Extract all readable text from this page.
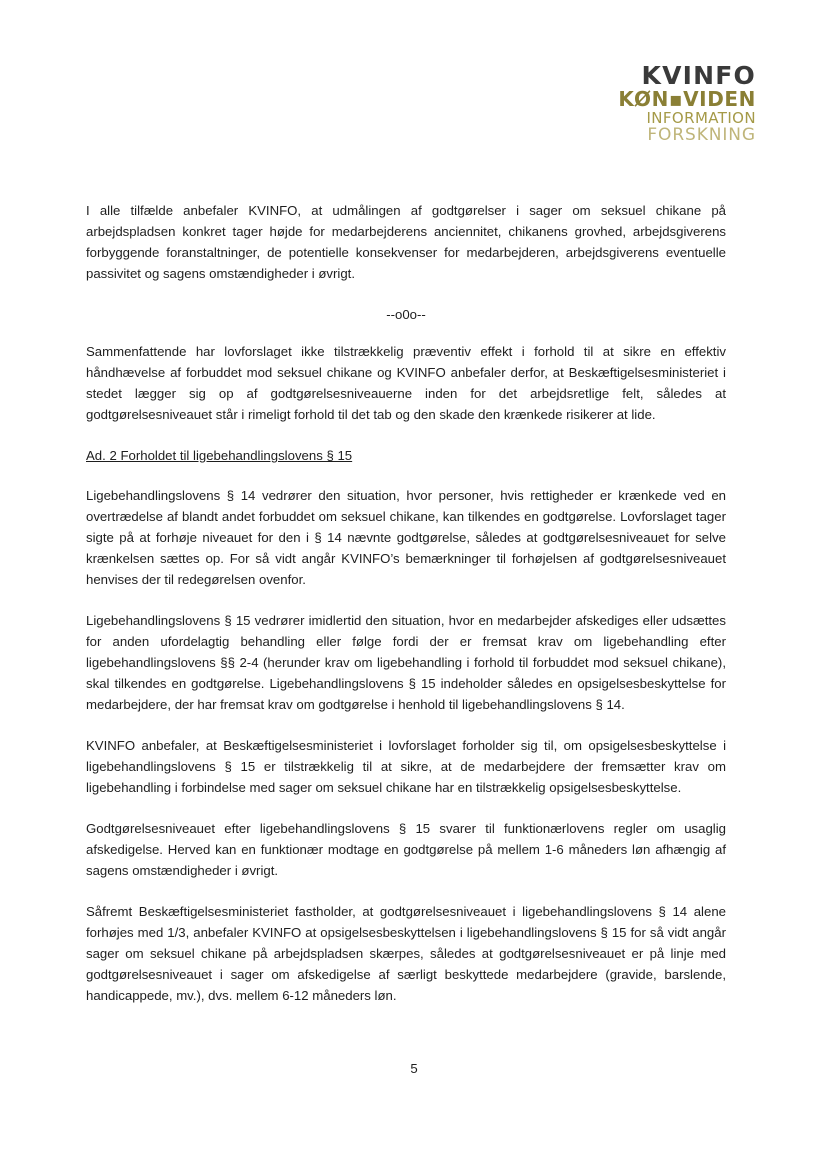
KVINFO
KØN▪VIDEN
INFORMATION
FORSKNING

I alle tilfælde anbefaler KVINFO, at udmålingen af godtgørelser i sager om seksuel chikane på arbejdspladsen konkret tager højde for medarbejderens anciennitet, chikanens grovhed, arbejdsgiverens forbyggende foranstaltninger, de potentielle konsekvenser for medarbejderen, arbejdsgiverens eventuelle passivitet og sagens omstændigheder i øvrigt.

--o0o--

Sammenfattende har lovforslaget ikke tilstrækkelig præventiv effekt i forhold til at sikre en effektiv håndhævelse af forbuddet mod seksuel chikane og KVINFO anbefaler derfor, at Beskæftigelsesministeriet i stedet lægger sig op af godtgørelsesniveauerne inden for det arbejdsretlige felt, således at godtgørelsesniveauet står i rimeligt forhold til det tab og den skade den krænkede risikerer at lide.

Ad. 2 Forholdet til ligebehandlingslovens § 15

Ligebehandlingslovens § 14 vedrører den situation, hvor personer, hvis rettigheder er krænkede ved en overtrædelse af blandt andet forbuddet om seksuel chikane, kan tilkendes en godtgørelse. Lovforslaget tager sigte på at forhøje niveauet for den i § 14 nævnte godtgørelse, således at godtgørelsesniveauet for selve krænkelsen sættes op. For så vidt angår KVINFO’s bemærkninger til forhøjelsen af godtgørelsesniveauet henvises der til redegørelsen ovenfor.

Ligebehandlingslovens § 15 vedrører imidlertid den situation, hvor en medarbejder afskediges eller udsættes for anden ufordelagtig behandling eller følge fordi der er fremsat krav om ligebehandling efter ligebehandlingslovens §§ 2-4 (herunder krav om ligebehandling i forhold til forbuddet mod seksuel chikane), skal tilkendes en godtgørelse. Ligebehandlingslovens § 15 indeholder således en opsigelsesbeskyttelse for medarbejdere, der har fremsat krav om godtgørelse i henhold til ligebehandlingslovens § 14.

KVINFO anbefaler, at Beskæftigelsesministeriet i lovforslaget forholder sig til, om opsigelsesbeskyttelse i ligebehandlingslovens § 15 er tilstrækkelig til at sikre, at de medarbejdere der fremsætter krav om ligebehandling i forbindelse med sager om seksuel chikane har en tilstrækkelig opsigelsesbeskyttelse.

Godtgørelsesniveauet efter ligebehandlingslovens § 15 svarer til funktionærlovens regler om usaglig afskedigelse. Herved kan en funktionær modtage en godtgørelse på mellem 1-6 måneders løn afhængig af sagens omstændigheder i øvrigt.

Såfremt Beskæftigelsesministeriet fastholder, at godtgørelsesniveauet i ligebehandlingslovens § 14 alene forhøjes med 1/3, anbefaler KVINFO at opsigelsesbeskyttelsen i ligebehandlingslovens § 15 for så vidt angår sager om seksuel chikane på arbejdspladsen skærpes, således at godtgørelsesniveauet er på linje med godtgørelsesniveauet i sager om afskedigelse af særligt beskyttede medarbejdere (gravide, barslende, handicappede, mv.), dvs. mellem 6-12 måneders løn.

5
